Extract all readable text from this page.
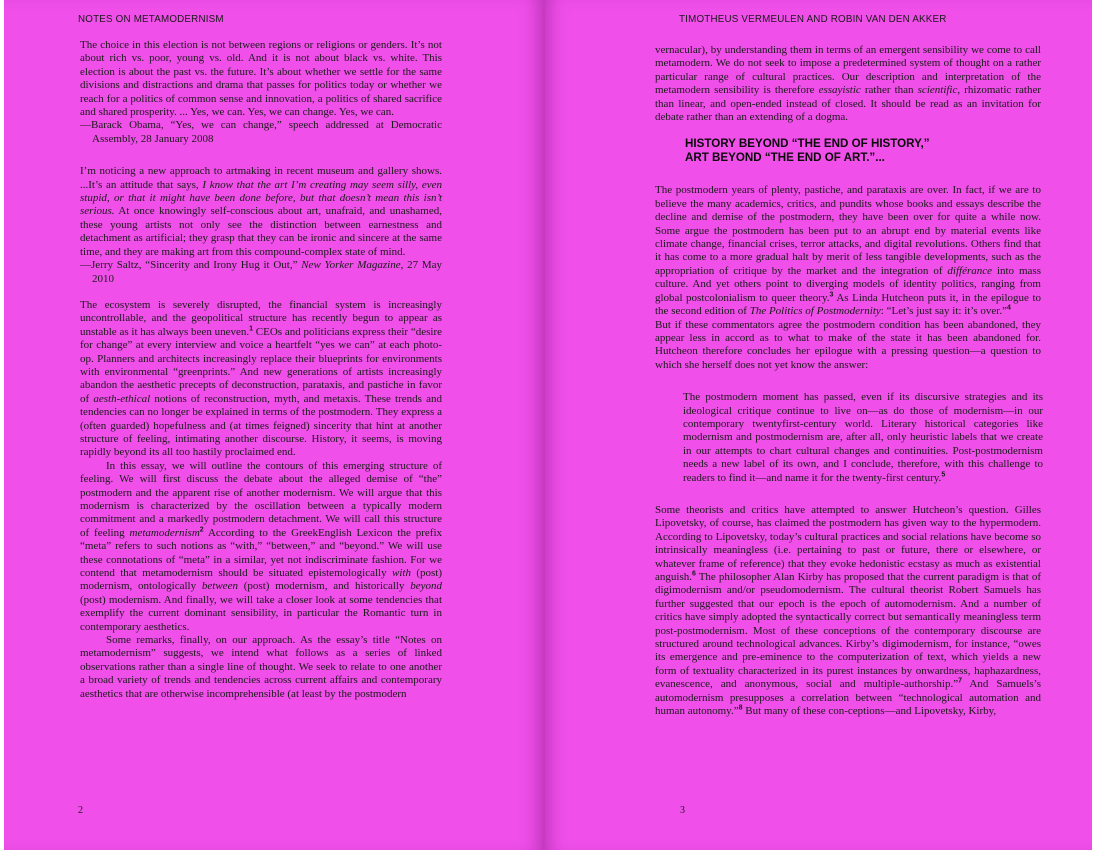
NOTES ON METAMODERNISM

The choice in this election is not between regions or religions or genders. It’s not about rich vs. poor, young vs. old. And it is not about black vs. white. This election is about the past vs. the future. It’s about whether we settle for the same divisions and distractions and drama that passes for politics today or whether we reach for a politics of common sense and innovation, a politics of shared sacrifice and shared prosperity. ... Yes, we can. Yes, we can change. Yes, we can.

—Barack Obama, “Yes, we can change,” speech addressed at Democratic Assembly, 28 January 2008

I’m noticing a new approach to artmaking in recent museum and gallery shows. ...It’s an attitude that says, I know that the art I’m creating may seem silly, even stupid, or that it might have been done before, but that doesn’t mean this isn’t serious. At once knowingly self-conscious about art, unafraid, and unashamed, these young artists not only see the distinction between earnestness and detachment as artificial; they grasp that they can be ironic and sincere at the same time, and they are making art from this compound-complex state of mind.

—Jerry Saltz, “Sincerity and Irony Hug it Out,” New Yorker Magazine, 27 May 2010

The ecosystem is severely disrupted, the financial system is increasingly uncontrollable, and the geopolitical structure has recently begun to appear as unstable as it has always been uneven.$^1$ CEOs and politicians express their “desire for change” at every interview and voice a heartfelt “yes we can” at each photo-op. Planners and architects increasingly replace their blueprints for environments with environmental “greenprints.” And new generations of artists increasingly abandon the aesthetic precepts of deconstruction, parataxis, and pastiche in favor of aesth-ethical notions of reconstruction, myth, and metaxis. These trends and tendencies can no longer be explained in terms of the postmodern. They express a (often guarded) hopefulness and (at times feigned) sincerity that hint at another structure of feeling, intimating another discourse. History, it seems, is moving rapidly beyond its all too hastily proclaimed end.

In this essay, we will outline the contours of this emerging structure of feeling. We will first discuss the debate about the alleged demise of “the” postmodern and the apparent rise of another modernism. We will argue that this modernism is characterized by the oscillation between a typically modern commitment and a markedly postmodern detachment. We will call this structure of feeling metamodernism$^2$ According to the GreekEnglish Lexicon the prefix “meta” refers to such notions as “with,” “between,” and “beyond.” We will use these connotations of “meta” in a similar, yet not indiscriminate fashion. For we contend that metamodernism should be situated epistemologically with (post) modernism, ontologically between (post) modernism, and historically beyond (post) modernism. And finally, we will take a closer look at some tendencies that exemplify the current dominant sensibility, in particular the Romantic turn in contemporary aesthetics.

Some remarks, finally, on our approach. As the essay’s title “Notes on metamodernism” suggests, we intend what follows as a series of linked observations rather than a single line of thought. We seek to relate to one another a broad variety of trends and tendencies across current affairs and contemporary aesthetics that are otherwise incomprehensible (at least by the postmodern

2
TIMOTHEUS VERMEULEN AND ROBIN VAN DEN AKKER

vernacular), by understanding them in terms of an emergent sensibility we come to call metamodern. We do not seek to impose a predetermined system of thought on a rather particular range of cultural practices. Our description and interpretation of the metamodern sensibility is therefore essayistic rather than scientific, rhizomatic rather than linear, and open-ended instead of closed. It should be read as an invitation for debate rather than an extending of a dogma.

HISTORY BEYOND “THE END OF HISTORY,”
ART BEYOND “THE END OF ART.”...

The postmodern years of plenty, pastiche, and parataxis are over. In fact, if we are to believe the many academics, critics, and pundits whose books and essays describe the decline and demise of the postmodern, they have been over for quite a while now. Some argue the postmodern has been put to an abrupt end by material events like climate change, financial crises, terror attacks, and digital revolutions. Others find that it has come to a more gradual halt by merit of less tangible developments, such as the appropriation of critique by the market and the integration of différance into mass culture. And yet others point to diverging models of identity politics, ranging from global postcolonialism to queer theory.$^3$ As Linda Hutcheon puts it, in the epilogue to the second edition of The Politics of Postmodernity: “Let’s just say it: it’s over.”$^4$

But if these commentators agree the postmodern condition has been abandoned, they appear less in accord as to what to make of the state it has been abandoned for. Hutcheon therefore concludes her epilogue with a pressing question—a question to which she herself does not yet know the answer:

The postmodern moment has passed, even if its discursive strategies and its ideological critique continue to live on—as do those of modernism—in our contemporary twentyfirst-century world. Literary historical categories like modernism and postmodernism are, after all, only heuristic labels that we create in our attempts to chart cultural changes and continuities. Post-postmodernism needs a new label of its own, and I conclude, therefore, with this challenge to readers to find it—and name it for the twenty-first century.$^5$

Some theorists and critics have attempted to answer Hutcheon’s question. Gilles Lipovetsky, of course, has claimed the postmodern has given way to the hypermodern. According to Lipovetsky, today’s cultural practices and social relations have become so intrinsically meaningless (i.e. pertaining to past or future, there or elsewhere, or whatever frame of reference) that they evoke hedonistic ecstasy as much as existential anguish.$^6$ The philosopher Alan Kirby has proposed that the current paradigm is that of digimodernism and/or pseudomodernism. The cultural theorist Robert Samuels has further suggested that our epoch is the epoch of automodernism. And a number of critics have simply adopted the syntactically correct but semantically meaningless term post-postmodernism. Most of these conceptions of the contemporary discourse are structured around technological advances. Kirby’s digimodernism, for instance, “owes its emergence and pre-eminence to the computerization of text, which yields a new form of textuality characterized in its purest instances by onwardness, haphazardness, evanescence, and anonymous, social and multiple-authorship.”$^7$ And Samuels’s automodernism presupposes a correlation between “technological automation and human autonomy.”$^8$ But many of these con-ceptions—and Lipovetsky, Kirby,

3
